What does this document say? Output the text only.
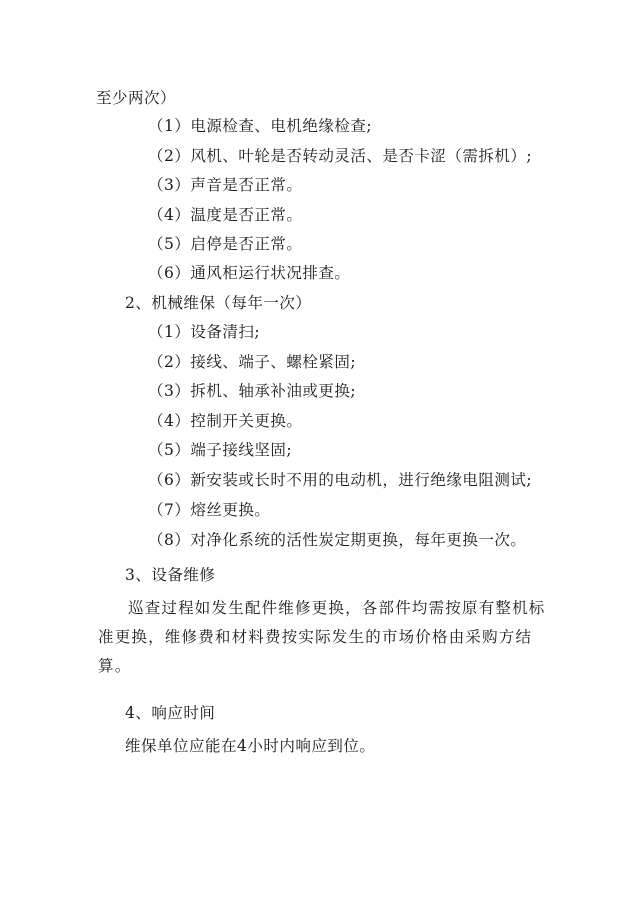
至少两次）
（1）电源检查、电机绝缘检查;
（2）风机、叶轮是否转动灵活、是否卡涩（需拆机）;
（3）声音是否正常。
（4）温度是否正常。
（5）启停是否正常。
（6）通风柜运行状况排查。
2、机械维保（每年一次）
（1）设备清扫;
（2）接线、端子、螺栓紧固;
（3）拆机、轴承补油或更换;
（4）控制开关更换。
（5）端子接线坚固;
（6）新安装或长时不用的电动机，进行绝缘电阻测试;
（7）熔丝更换。
（8）对净化系统的活性炭定期更换，每年更换一次。
3、设备维修
巡查过程如发生配件维修更换，各部件均需按原有整机标准更换，维修费和材料费按实际发生的市场价格由采购方结算。
4、响应时间
维保单位应能在4小时内响应到位。
